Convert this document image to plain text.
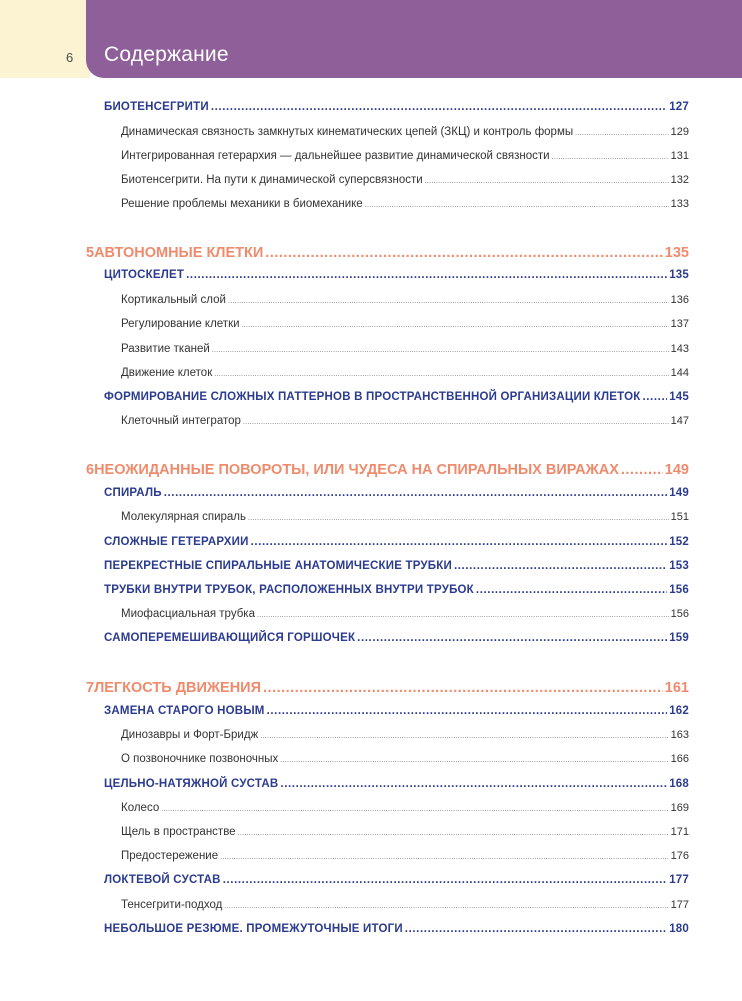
6 Содержание
БИОТЕНСЕГРИТИ .....	127
Динамическая связность замкнутых кинематических цепей (ЗКЦ) и контроль формы .....	129
Интегрированная гетерархия — дальнейшее развитие динамической связности .....	131
Биотенсегрити. На пути к динамической суперсвязности .....	132
Решение проблемы механики в биомеханике .....	133
5 АВТОНОМНЫЕ КЛЕТКИ .....	135
ЦИТОСКЕЛЕТ .....	135
Кортикальный слой .....	136
Регулирование клетки .....	137
Развитие тканей .....	143
Движение клеток .....	144
ФОРМИРОВАНИЕ СЛОЖНЫХ ПАТТЕРНОВ В ПРОСТРАНСТВЕННОЙ ОРГАНИЗАЦИИ КЛЕТОК ..... 145
Клеточный интегратор .....	147
6 НЕОЖИДАННЫЕ ПОВОРОТЫ, ИЛИ ЧУДЕСА НА СПИРАЛЬНЫХ ВИРАЖАХ .....	149
СПИРАЛЬ .....	149
Молекулярная спираль .....	151
СЛОЖНЫЕ ГЕТЕРАРХИИ .....	152
ПЕРЕКРЕСТНЫЕ СПИРАЛЬНЫЕ АНАТОМИЧЕСКИЕ ТРУБКИ .....	153
ТРУБКИ ВНУТРИ ТРУБОК, РАСПОЛОЖЕННЫХ ВНУТРИ ТРУБОК .....	156
Миофасциальная трубка .....	156
САМОПЕРЕМЕШИВАЮЩИЙСЯ ГОРШОЧЕК .....	159
7 ЛЕГКОСТЬ ДВИЖЕНИЯ .....	161
ЗАМЕНА СТАРОГО НОВЫМ .....	162
Динозавры и Форт-Бридж .....	163
О позвоночнике позвоночных .....	166
ЦЕЛЬНО-НАТЯЖНОЙ СУСТАВ .....	168
Колесо .....	169
Щель в пространстве .....	171
Предостережение .....	176
ЛОКТЕВОЙ СУСТАВ .....	177
Тенсегрити-подход .....	177
НЕБОЛЬШОЕ РЕЗЮМЕ. ПРОМЕЖУТОЧНЫЕ ИТОГИ .....	180
